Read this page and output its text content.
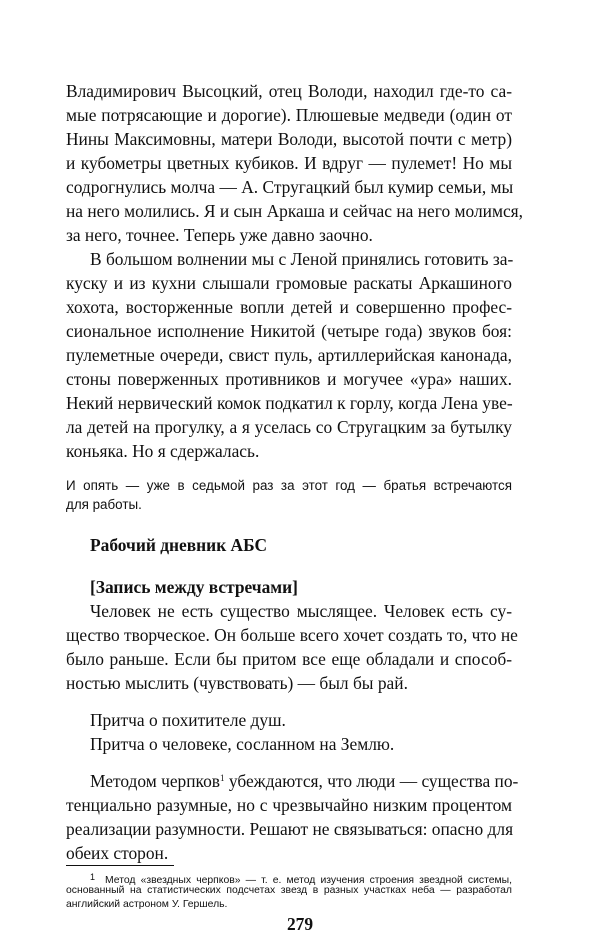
Владимирович Высоцкий, отец Володи, находил где-то са-
мые потрясающие и дорогие). Плюшевые медведи (один от
Нины Максимовны, матери Володи, высотой почти с метр)
и кубометры цветных кубиков. И вдруг — пулемет! Но мы
содрогнулись молча — А. Стругацкий был кумир семьи, мы
на него молились. Я и сын Аркаша и сейчас на него молимся,
за него, точнее. Теперь уже давно заочно.
В большом волнении мы с Леной принялись готовить за-
куску и из кухни слышали громовые раскаты Аркашиного
хохота, восторженные вопли детей и совершенно профес-
сиональное исполнение Никитой (четыре года) звуков боя:
пулеметные очереди, свист пуль, артиллерийская канонада,
стоны поверженных противников и могучее «ура» наших.
Некий нервический комок подкатил к горлу, когда Лена уве-
ла детей на прогулку, а я уселась со Стругацким за бутылку
коньяка. Но я сдержалась.
И опять — уже в седьмой раз за этот год — братья встречаются
для работы.
Рабочий дневник АБС
[Запись между встречами]
Человек не есть существо мыслящее. Человек есть су-
щество творческое. Он больше всего хочет создать то, что не
было раньше. Если бы притом все еще обладали и способ-
ностью мыслить (чувствовать) — был бы рай.
Притча о похитителе душ.
Притча о человеке, сосланном на Землю.
Методом черпков$^1$ убеждаются, что люди — существа по-
тенциально разумные, но с чрезвычайно низким процентом
реализации разумности. Решают не связываться: опасно для
обеих сторон.
1 Метод «звездных черпков» — т. е. метод изучения строения звездной системы,
основанный на статистических подсчетах звезд в разных участках неба — разработал
английский астроном У. Гершель.
279
